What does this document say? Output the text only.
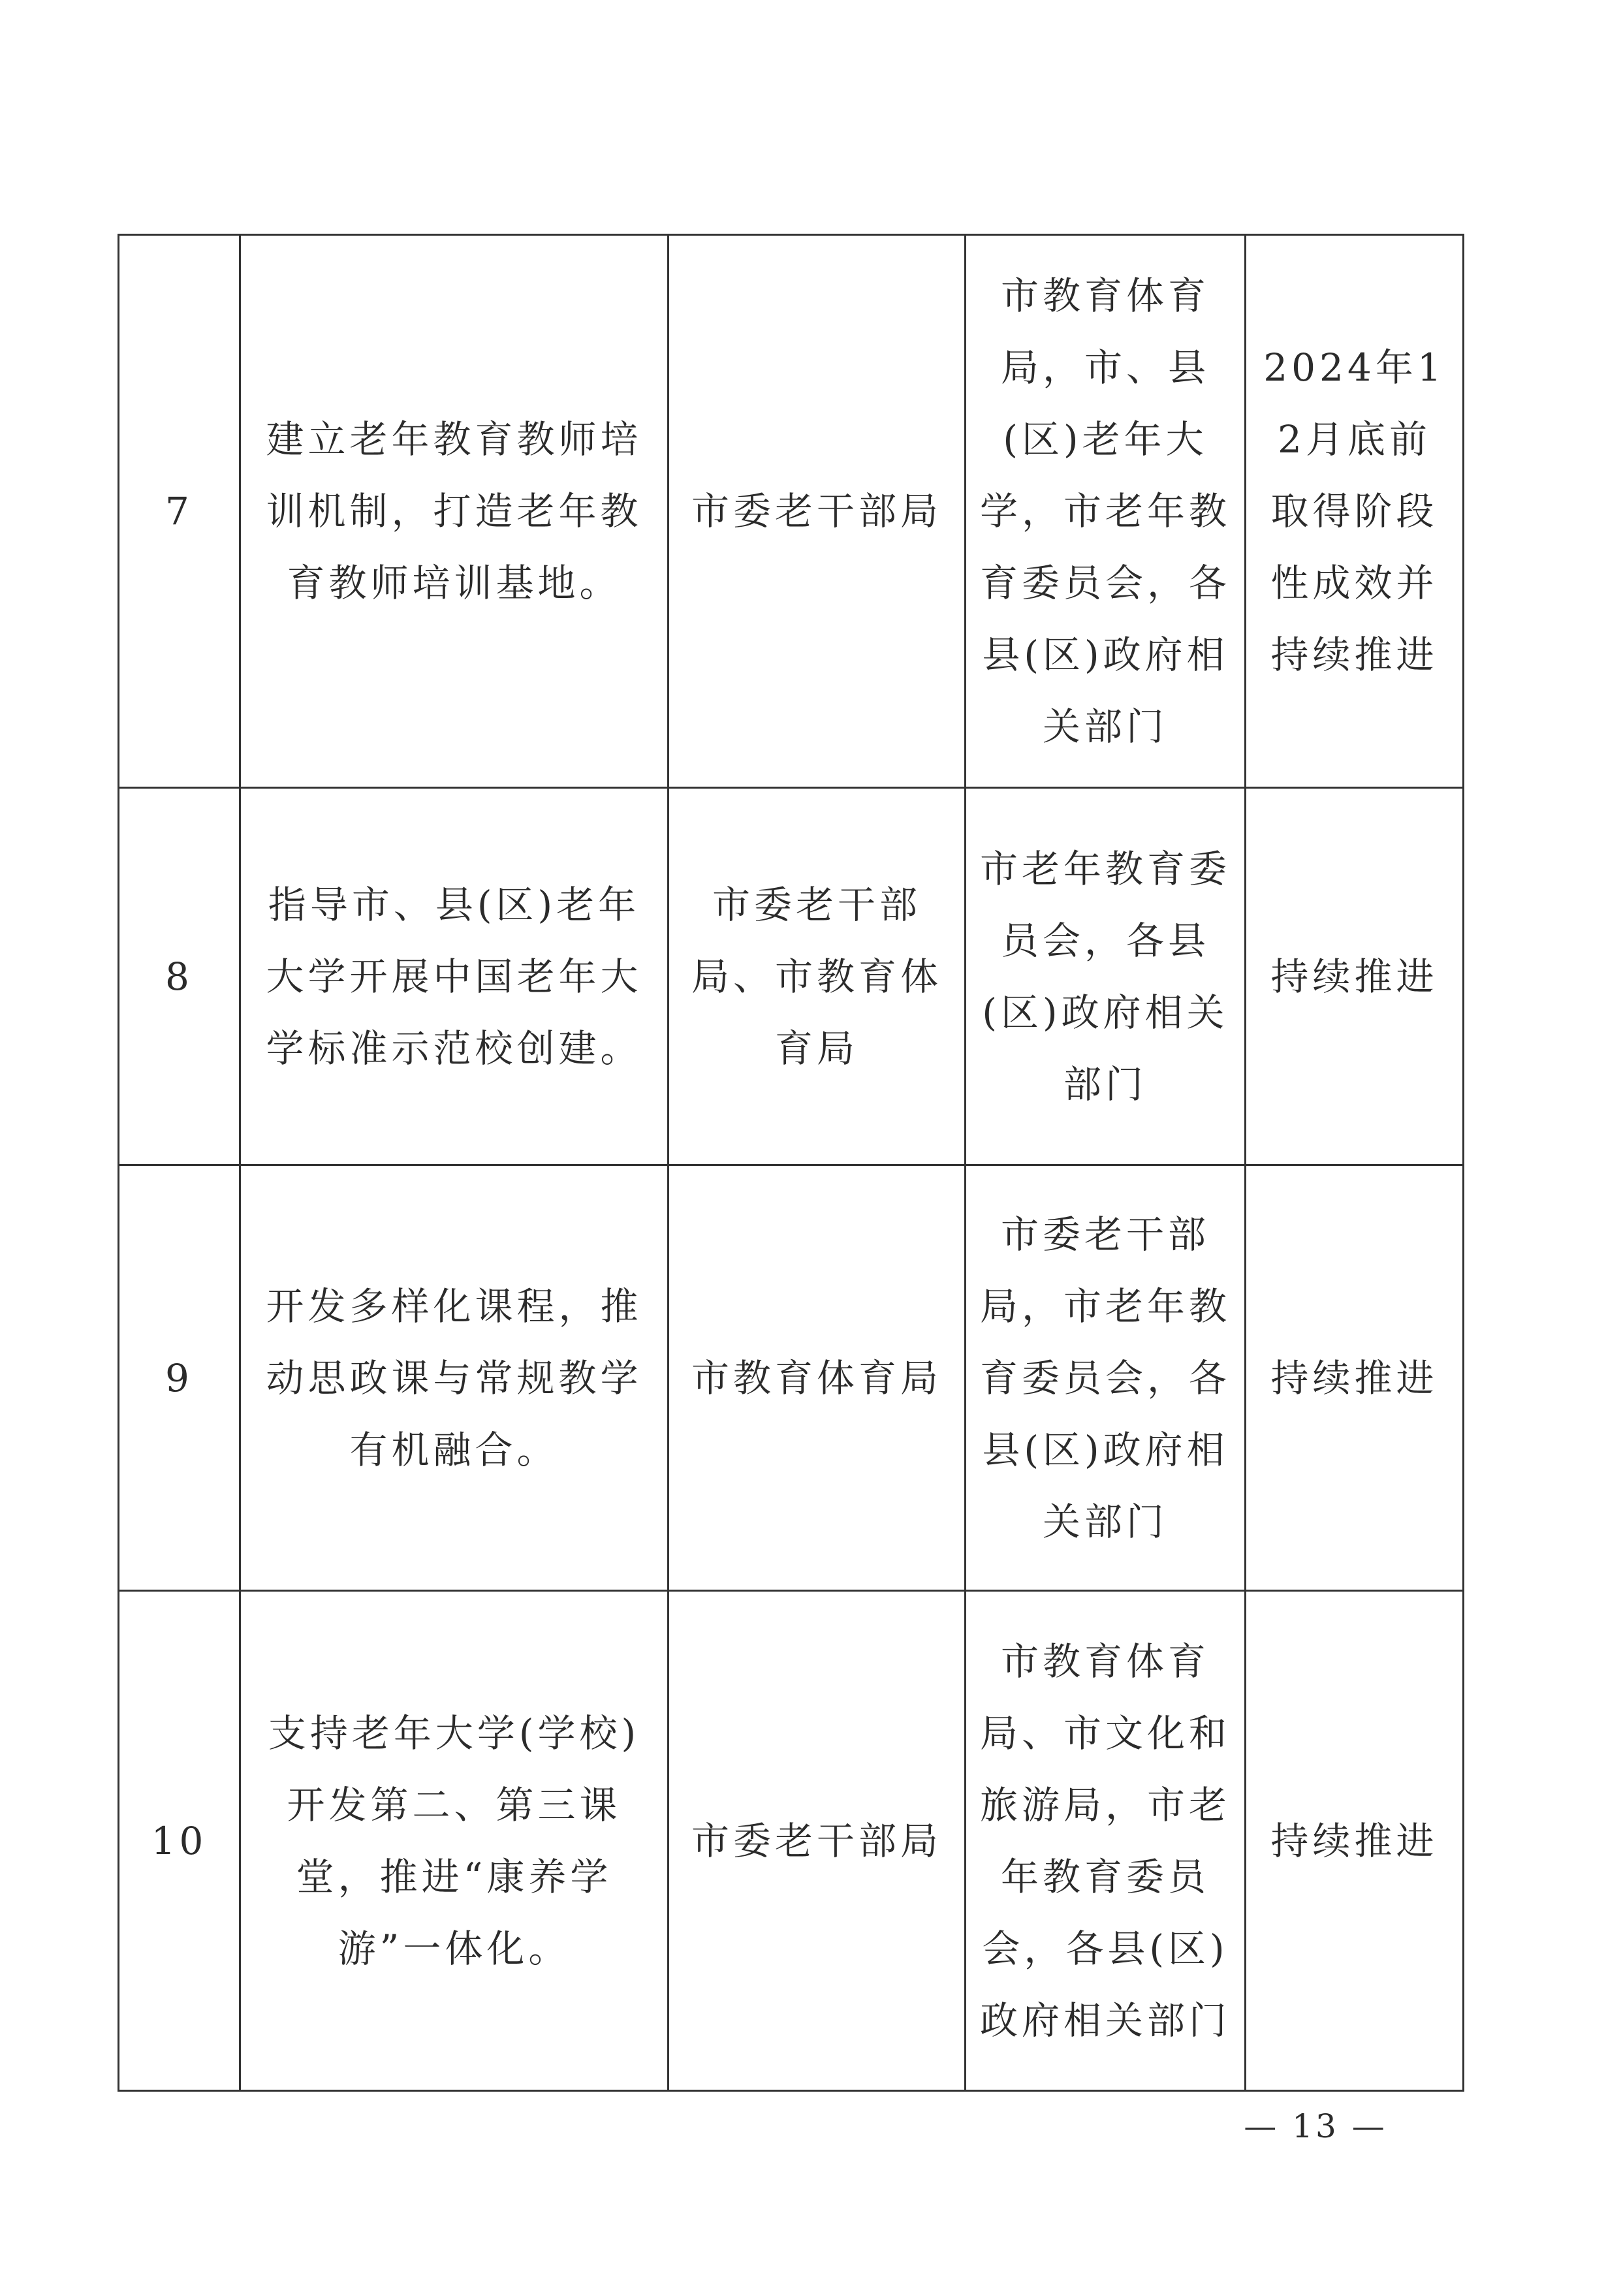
7	建立老年教育教师培训机制，打造老年教育教师培训基地。	市委老干部局	市教育体育局，市、县(区)老年大学，市老年教育委员会，各县(区)政府相关部门	2024年12月底前取得阶段性成效并持续推进
8	指导市、县(区)老年大学开展中国老年大学标准示范校创建。	市委老干部局、市教育体育局	市老年教育委员会，各县(区)政府相关部门	持续推进
9	开发多样化课程，推动思政课与常规教学有机融合。	市教育体育局	市委老干部局，市老年教育委员会，各县(区)政府相关部门	持续推进
10	支持老年大学(学校)开发第二、第三课堂，推进“康养学游”一体化。	市委老干部局	市教育体育局、市文化和旅游局，市老年教育委员会，各县(区)政府相关部门	持续推进
— 13 —
